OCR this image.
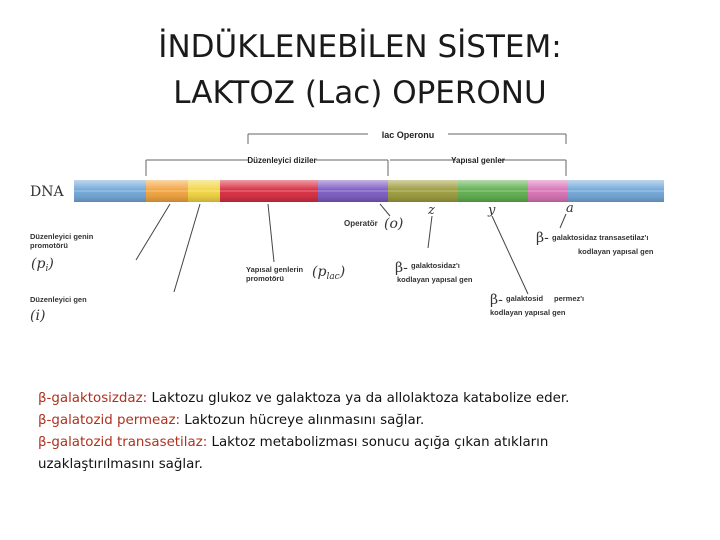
İNDÜKLENEBİLEN SİSTEM:
LAKTOZ (Lac) OPERONU
lac Operonu
Düzenleyici diziler	Yapısal genler
DNA
z	y	a
Düzenleyici genin promotörü
$(p_i)$
Düzenleyici gen
(i)
Operatör (o)
Yapısal genlerin promotörü	$(p_{lac})$	β- galaktosidaz'ı kodlayan yapısal gen
β- galaktosid permez'ı kodlayan yapısal gen
β- galaktosidaz transasetilaz'ı kodlayan yapısal gen
β-galaktosizdaz: Laktozu glukoz ve galaktoza ya da allolaktoza katabolize eder.
β-galatozid permeaz: Laktozun hücreye alınmasını sağlar.
β-galatozid transasetilaz: Laktoz metabolizması sonucu açığa çıkan atıkların
uzaklaştırılmasını sağlar.
